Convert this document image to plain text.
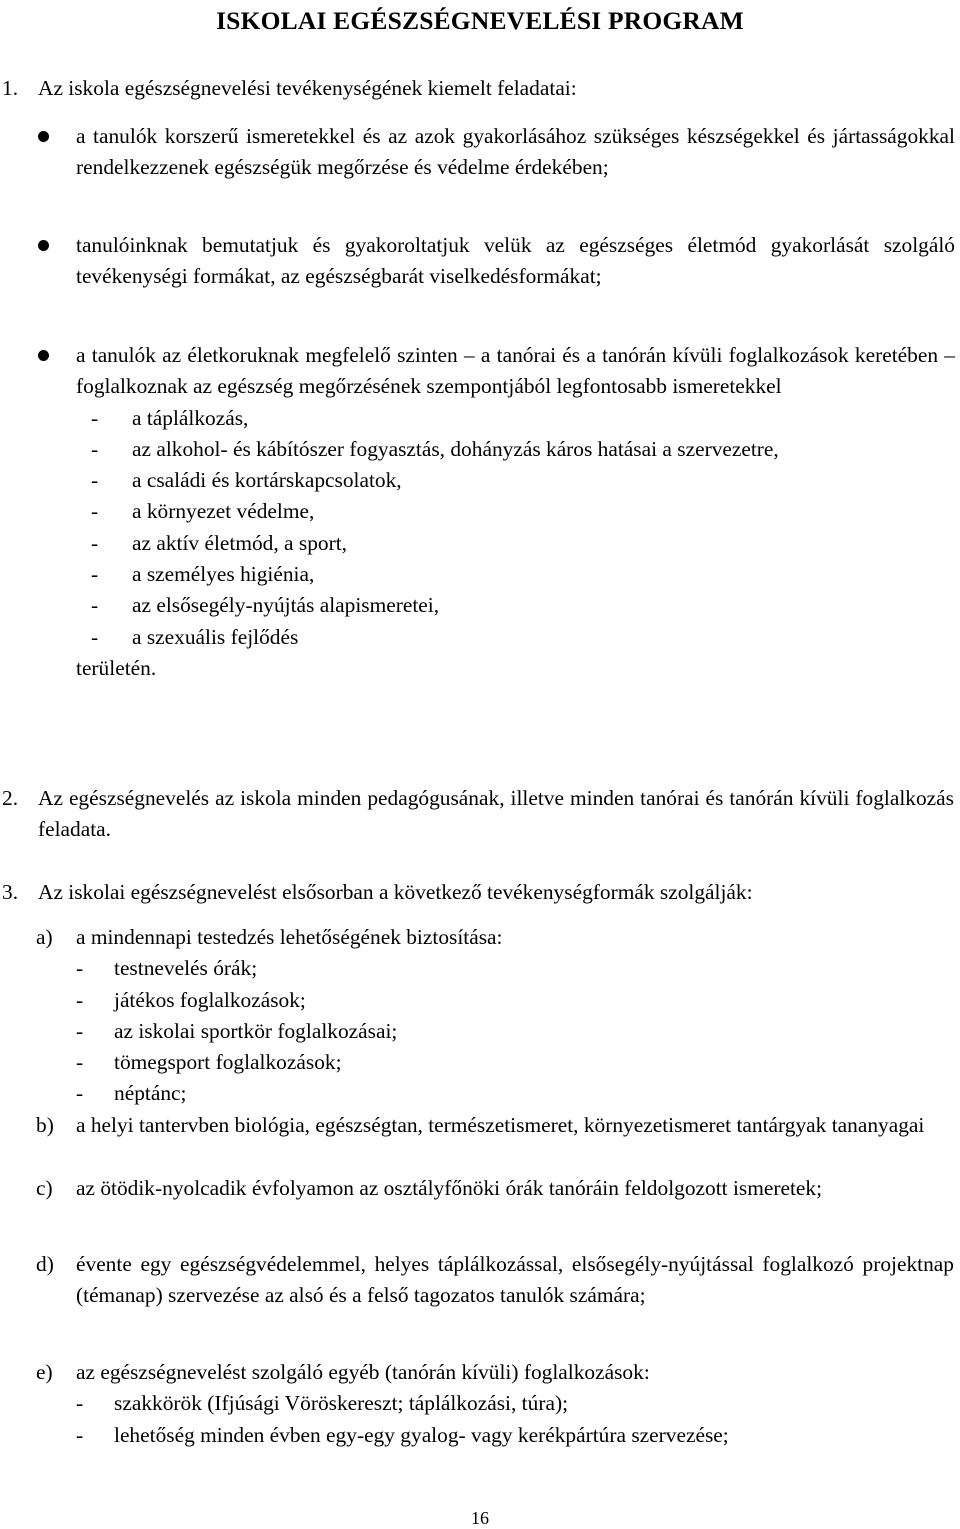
ISKOLAI EGÉSZSÉGNEVELÉSI PROGRAM
1. Az iskola egészségnevelési tevékenységének kiemelt feladatai:
a tanulók korszerű ismeretekkel és az azok gyakorlásához szükséges készségekkel és jártasságokkal rendelkezzenek egészségük megőrzése és védelme érdekében;
tanulóinknak bemutatjuk és gyakoroltatjuk velük az egészséges életmód gyakorlását szolgáló tevékenységi formákat, az egészségbarát viselkedésformákat;
a tanulók az életkoruknak megfelelő szinten – a tanórai és a tanórán kívüli foglalkozások keretében – foglalkoznak az egészség megőrzésének szempontjából legfontosabb ismeretekkel
- a táplálkozás,
- az alkohol- és kábítószer fogyasztás, dohányzás káros hatásai a szervezetre,
- a családi és kortárskapcsolatok,
- a környezet védelme,
- az aktív életmód, a sport,
- a személyes higiénia,
- az elsősegély-nyújtás alapismeretei,
- a szexuális fejlődés
területén.
2. Az egészségnevelés az iskola minden pedagógusának, illetve minden tanórai és tanórán kívüli foglalkozás feladata.
3. Az iskolai egészségnevelést elsősorban a következő tevékenységformák szolgálják:
a) a mindennapi testedzés lehetőségének biztosítása:
- testnevelés órák;
- játékos foglalkozások;
- az iskolai sportkör foglalkozásai;
- tömegsport foglalkozások;
- néptánc;
b) a helyi tantervben biológia, egészségtan, természetismeret, környezetismeret tantárgyak tananyagai
c) az ötödik-nyolcadik évfolyamon az osztályfőnöki órák tanóráin feldolgozott ismeretek;
d) évente egy egészségvédelemmel, helyes táplálkozással, elsősegély-nyújtással foglalkozó projektnap (témanap) szervezése az alsó és a felső tagozatos tanulók számára;
e) az egészségnevelést szolgáló egyéb (tanórán kívüli) foglalkozások:
- szakkörök (Ifjúsági Vöröskereszt; táplálkozási, túra);
- lehetőség minden évben egy-egy gyalog- vagy kerékpártúra szervezése;
16
